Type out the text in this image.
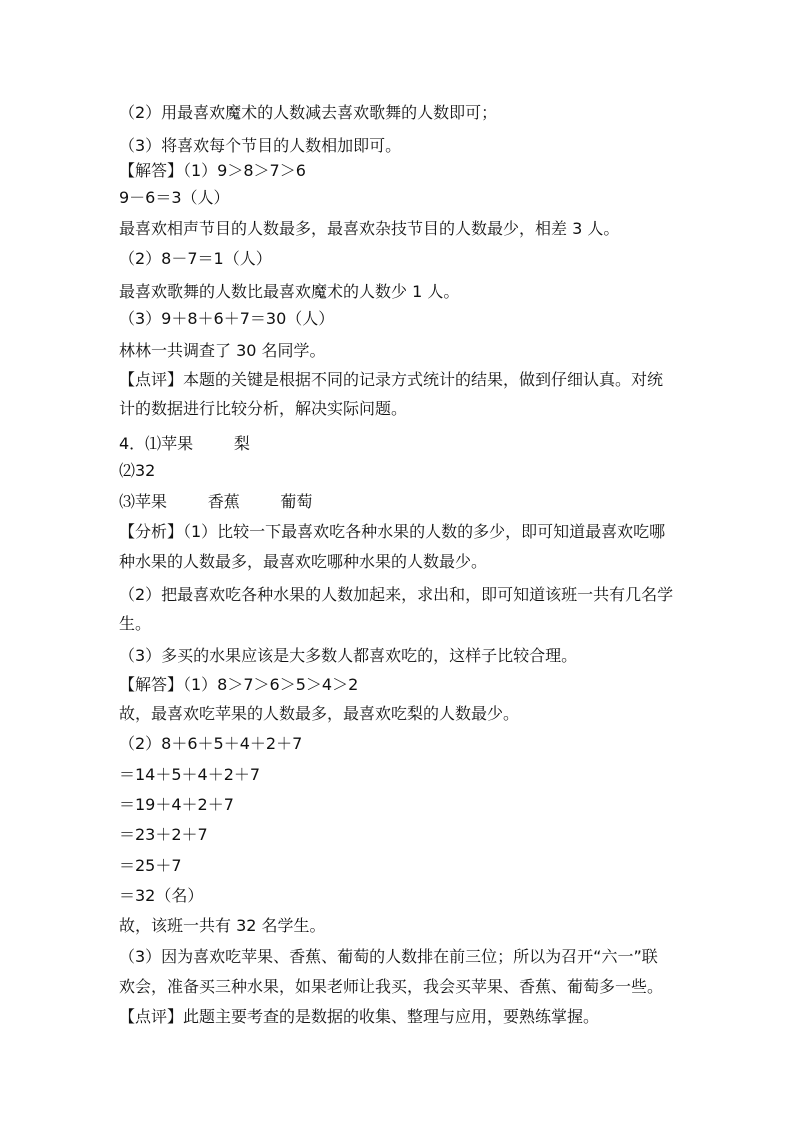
（2）用最喜欢魔术的人数减去喜欢歌舞的人数即可；
（3）将喜欢每个节目的人数相加即可。
【解答】（1）9＞8＞7＞6
9－6＝3（人）
最喜欢相声节目的人数最多，最喜欢杂技节目的人数最少，相差 3 人。
（2）8－7＝1（人）
最喜欢歌舞的人数比最喜欢魔术的人数少 1 人。
（3）9＋8＋6＋7＝30（人）
林林一共调查了 30 名同学。
【点评】本题的关键是根据不同的记录方式统计的结果，做到仔细认真。对统
计的数据进行比较分析，解决实际问题。
4．⑴苹果        梨
⑵32
⑶苹果        香蕉        葡萄
【分析】（1）比较一下最喜欢吃各种水果的人数的多少，即可知道最喜欢吃哪
种水果的人数最多，最喜欢吃哪种水果的人数最少。
（2）把最喜欢吃各种水果的人数加起来，求出和，即可知道该班一共有几名学
生。
（3）多买的水果应该是大多数人都喜欢吃的，这样子比较合理。
【解答】（1）8＞7＞6＞5＞4＞2
故，最喜欢吃苹果的人数最多，最喜欢吃梨的人数最少。
（2）8＋6＋5＋4＋2＋7
＝14＋5＋4＋2＋7
＝19＋4＋2＋7
＝23＋2＋7
＝25＋7
＝32（名）
故，该班一共有 32 名学生。
（3）因为喜欢吃苹果、香蕉、葡萄的人数排在前三位；所以为召开“六一”联
欢会，准备买三种水果，如果老师让我买，我会买苹果、香蕉、葡萄多一些。
【点评】此题主要考查的是数据的收集、整理与应用，要熟练掌握。
